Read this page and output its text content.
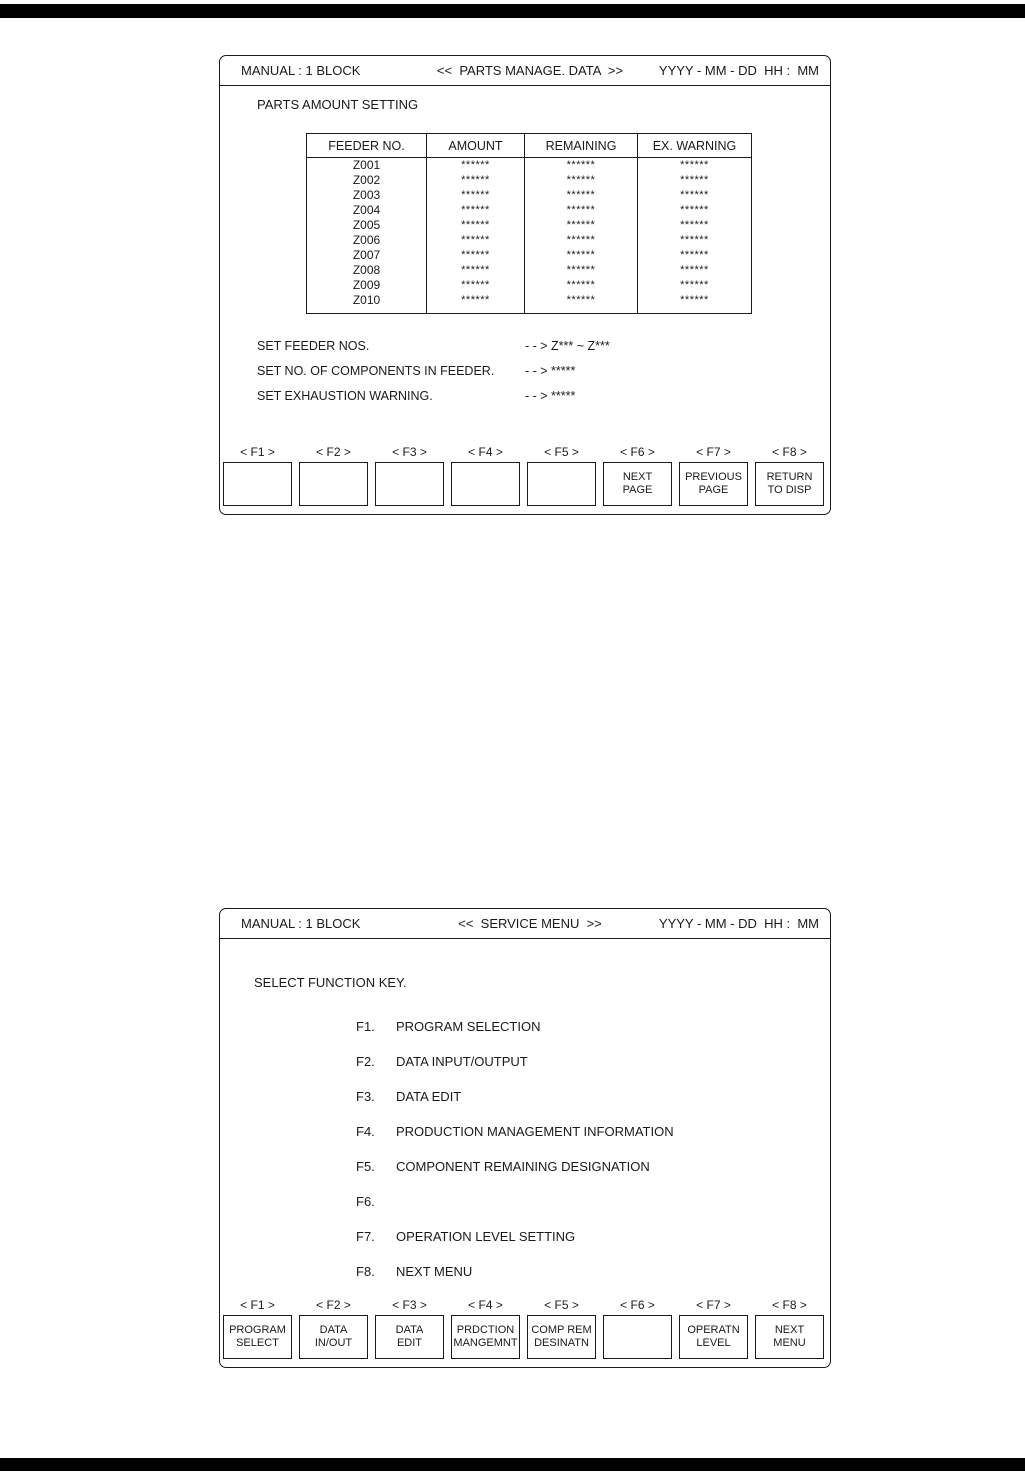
MANUAL : 1 BLOCK	<<  PARTS MANAGE. DATA  >>	YYYY - MM - DD  HH :  MM
PARTS AMOUNT SETTING
FEEDER NO.	AMOUNT	REMAINING	EX. WARNING
Z001	******	******	******
Z002	******	******	******
Z003	******	******	******
Z004	******	******	******
Z005	******	******	******
Z006	******	******	******
Z007	******	******	******
Z008	******	******	******
Z009	******	******	******
Z010	******	******	******

SET FEEDER NOS.	- - > Z*** ~ Z***
SET NO. OF COMPONENTS IN FEEDER.	- - > *****
SET EXHAUSTION WARNING.	- - > *****
< F1 >	< F2 >	< F3 >	< F4 >	< F5 >	< F6 >	< F7 >	< F8 >
NEXT
PAGE
PREVIOUS
PAGE
RETURN
TO DISP
MANUAL : 1 BLOCK	<<  SERVICE MENU  >>	YYYY - MM - DD  HH :  MM
SELECT FUNCTION KEY.
F1.	PROGRAM SELECTION
F2.	DATA INPUT/OUTPUT
F3.	DATA EDIT
F4.	PRODUCTION MANAGEMENT INFORMATION
F5.	COMPONENT REMAINING DESIGNATION
F6.
F7.	OPERATION LEVEL SETTING
F8.	NEXT MENU
< F1 >	< F2 >	< F3 >	< F4 >	< F5 >	< F6 >	< F7 >	< F8 >
PROGRAM
SELECT
DATA
IN/OUT
DATA
EDIT
PRDCTION
MANGEMNT
COMP REM
DESINATN
OPERATN
LEVEL
NEXT
MENU
